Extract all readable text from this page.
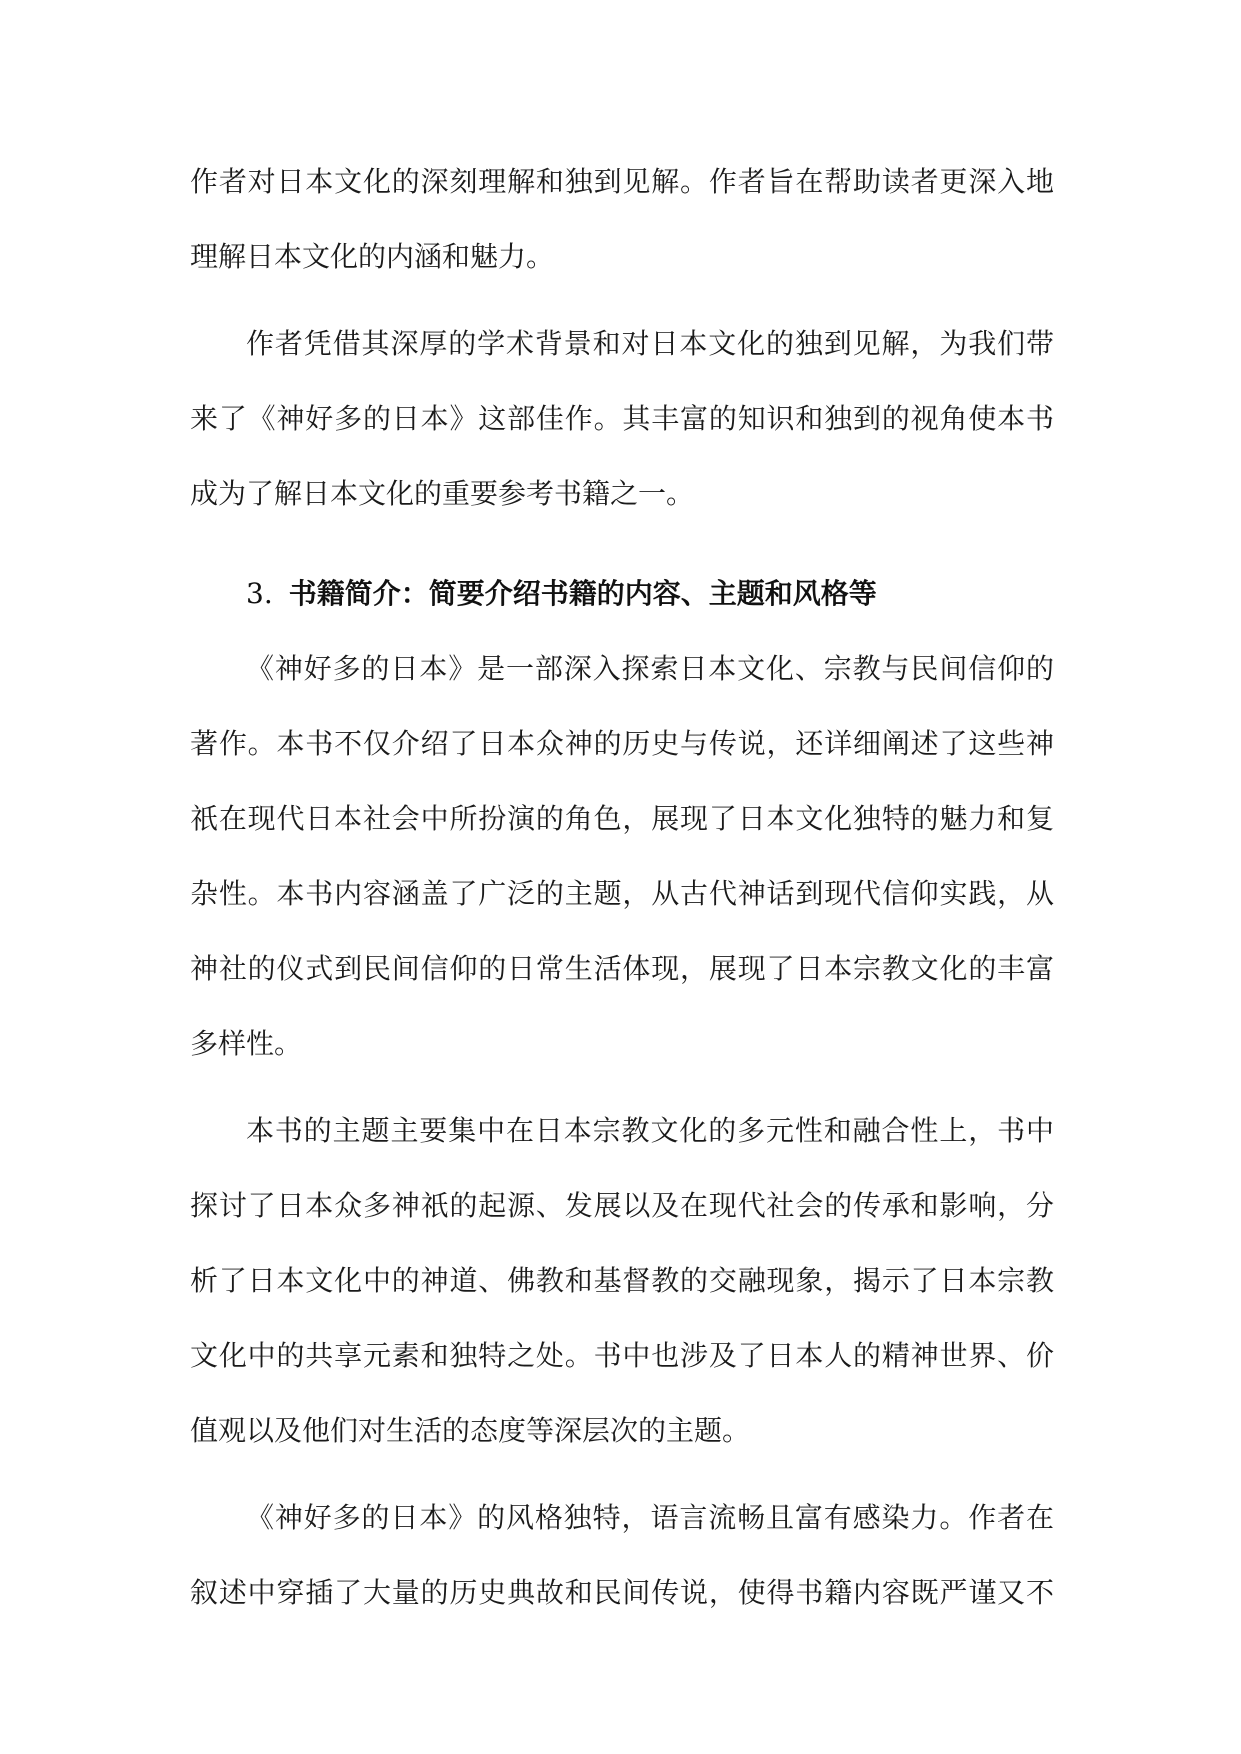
作者对日本文化的深刻理解和独到见解。作者旨在帮助读者更深入地

理解日本文化的内涵和魅力。

作者凭借其深厚的学术背景和对日本文化的独到见解，为我们带

来了《神好多的日本》这部佳作。其丰富的知识和独到的视角使本书

成为了解日本文化的重要参考书籍之一。

3. 书籍简介：简要介绍书籍的内容、主题和风格等

《神好多的日本》是一部深入探索日本文化、宗教与民间信仰的

著作。本书不仅介绍了日本众神的历史与传说，还详细阐述了这些神

祇在现代日本社会中所扮演的角色，展现了日本文化独特的魅力和复

杂性。本书内容涵盖了广泛的主题，从古代神话到现代信仰实践，从

神社的仪式到民间信仰的日常生活体现，展现了日本宗教文化的丰富

多样性。

本书的主题主要集中在日本宗教文化的多元性和融合性上，书中

探讨了日本众多神祇的起源、发展以及在现代社会的传承和影响，分

析了日本文化中的神道、佛教和基督教的交融现象，揭示了日本宗教

文化中的共享元素和独特之处。书中也涉及了日本人的精神世界、价

值观以及他们对生活的态度等深层次的主题。

《神好多的日本》的风格独特，语言流畅且富有感染力。作者在

叙述中穿插了大量的历史典故和民间传说，使得书籍内容既严谨又不
